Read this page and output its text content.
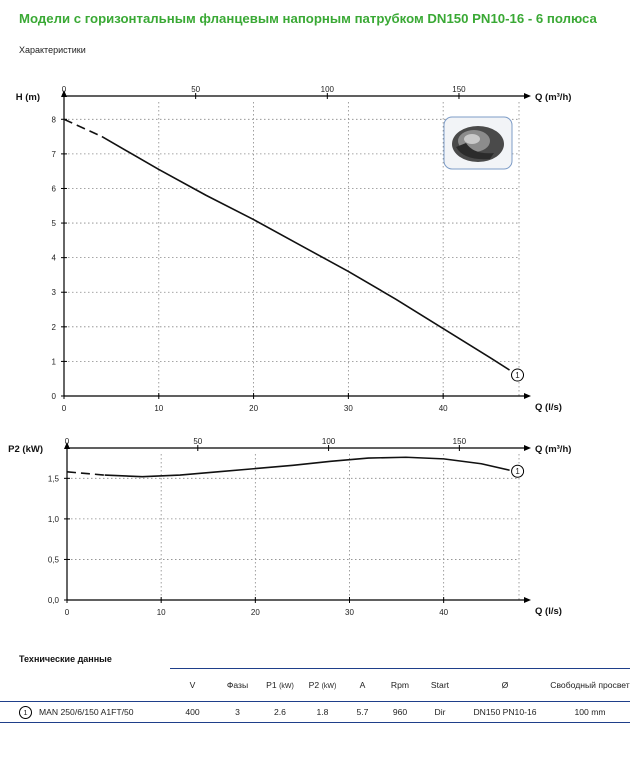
Модели с горизонтальным фланцевым напорным патрубком DN150 PN10-16 - 6 полюса
Характеристики
0	10	20	30	40
0	50	100	150
0
1
2
3
4
5
6
7
8
H (m)
Q (l/s)
Q (m³/h)
1
0	10	20	30	40
0	50	100	150
0,0
0,5
1,0
1,5
P2 (kW)
Q (l/s)
Q (m³/h)
1
Технические данные
	V	Фазы	P1 (kW)	P2 (kW)	A	Rpm	Start	Ø	Свободный просвет

1 MAN 250/6/150 A1FT/50	400	3	2.6	1.8	5.7	960	Dir	DN150 PN10-16	100 mm
